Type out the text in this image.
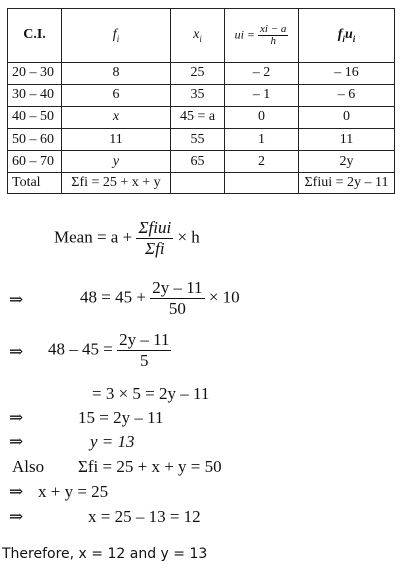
C.I.	$f_i$	$x_i$	ui = $\frac{xi - a}{h}$	$f_iu_i$
20 – 30	8	25	– 2	– 16
30 – 40	6	35	– 1	– 6
40 – 50	x	45 = a	0	0
50 – 60	11	55	1	11
60 – 70	y	65	2	2y
Total	Σfi = 25 + x + y			Σfiui = 2y – 11
Mean = $a + \frac{\text{Σfiui}}{\text{Σfi}} \times h$
⇒	$48 = 45 + \frac{2y - 11}{50} \times 10$
⇒ $48 - 45 = \frac{2y - 11}{5}$
= 3 × 5 = 2y – 11
⇒	15 = 2y – 11
⇒	y = 13
Also Σfi = 25 + x + y = 50
⇒ x + y = 25
⇒	x = 25 – 13 = 12
Therefore, x = 12 and y = 13
